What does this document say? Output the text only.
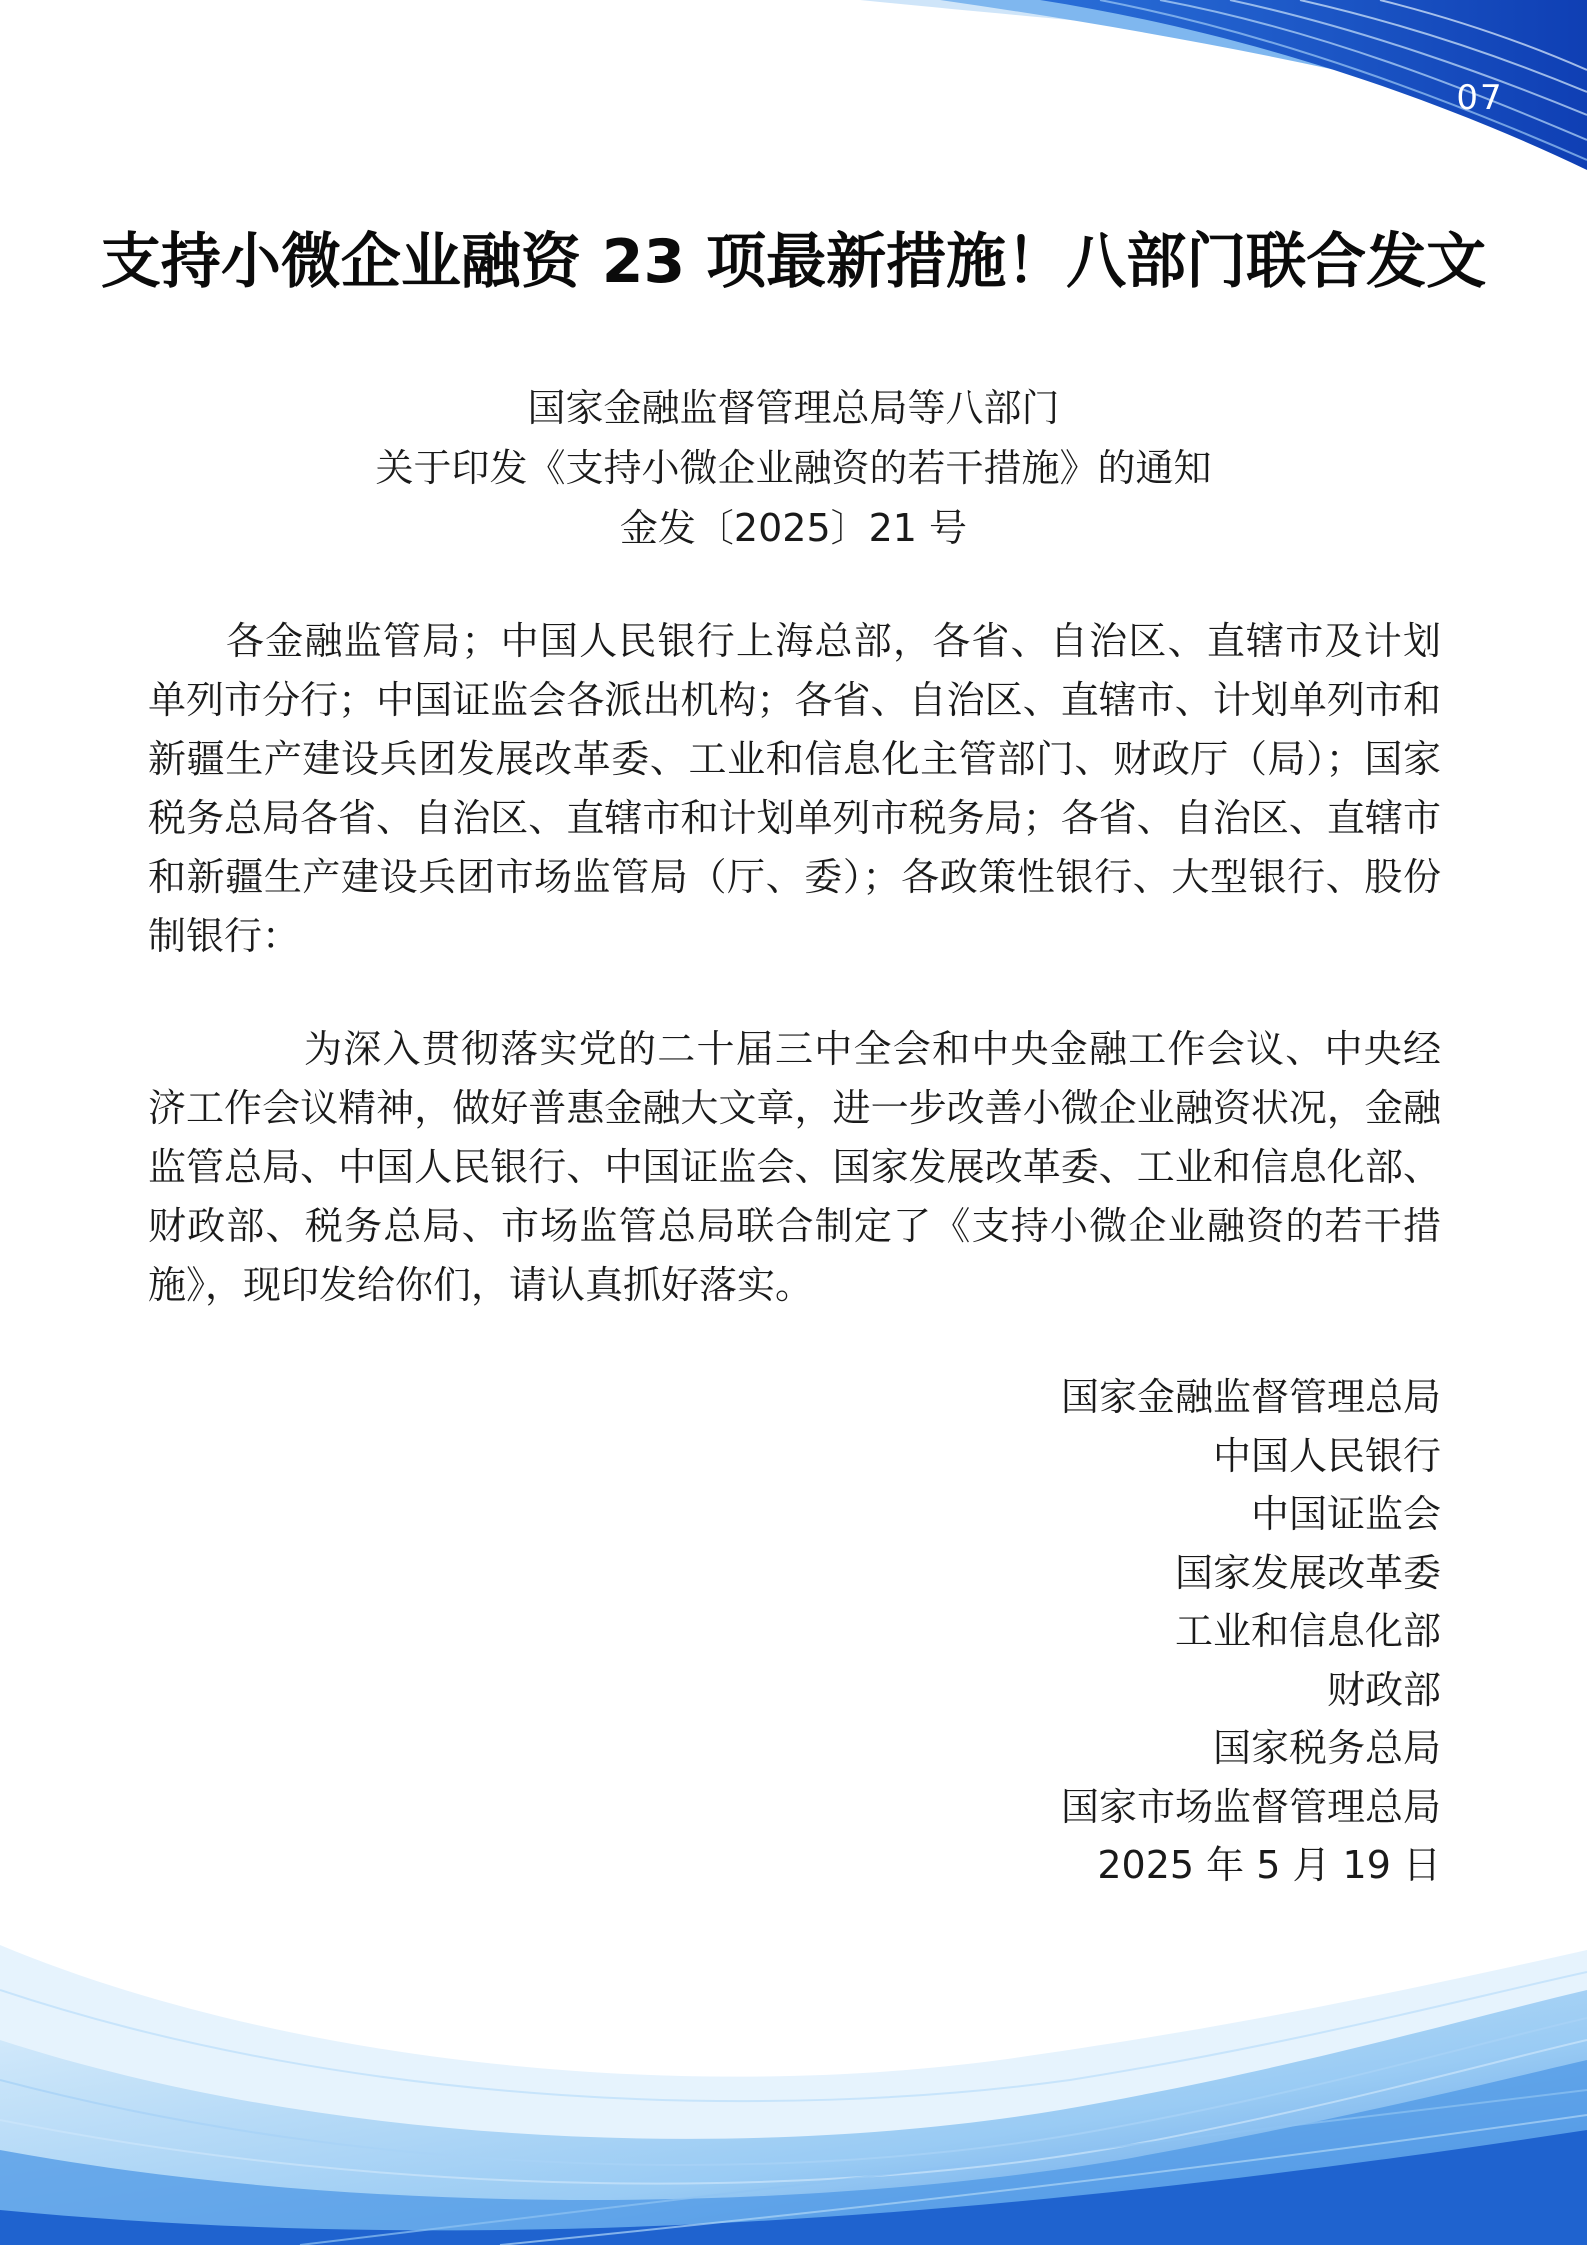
07
支持小微企业融资 23 项最新措施！八部门联合发文
国家金融监督管理总局等八部门
关于印发《支持小微企业融资的若干措施》的通知
金发〔2025〕21 号
各金融监管局；中国人民银行上海总部，各省、自治区、直辖市及计划单列市分行；中国证监会各派出机构；各省、自治区、直辖市、计划单列市和新疆生产建设兵团发展改革委、工业和信息化主管部门、财政厅（局）；国家税务总局各省、自治区、直辖市和计划单列市税务局；各省、自治区、直辖市和新疆生产建设兵团市场监管局（厅、委）；各政策性银行、大型银行、股份制银行：
为深入贯彻落实党的二十届三中全会和中央金融工作会议、中央经济工作会议精神，做好普惠金融大文章，进一步改善小微企业融资状况，金融监管总局、中国人民银行、中国证监会、国家发展改革委、工业和信息化部、财政部、税务总局、市场监管总局联合制定了《支持小微企业融资的若干措施》，现印发给你们，请认真抓好落实。
国家金融监督管理总局
中国人民银行
中国证监会
国家发展改革委
工业和信息化部
财政部
国家税务总局
国家市场监督管理总局
2025 年 5 月 19 日
